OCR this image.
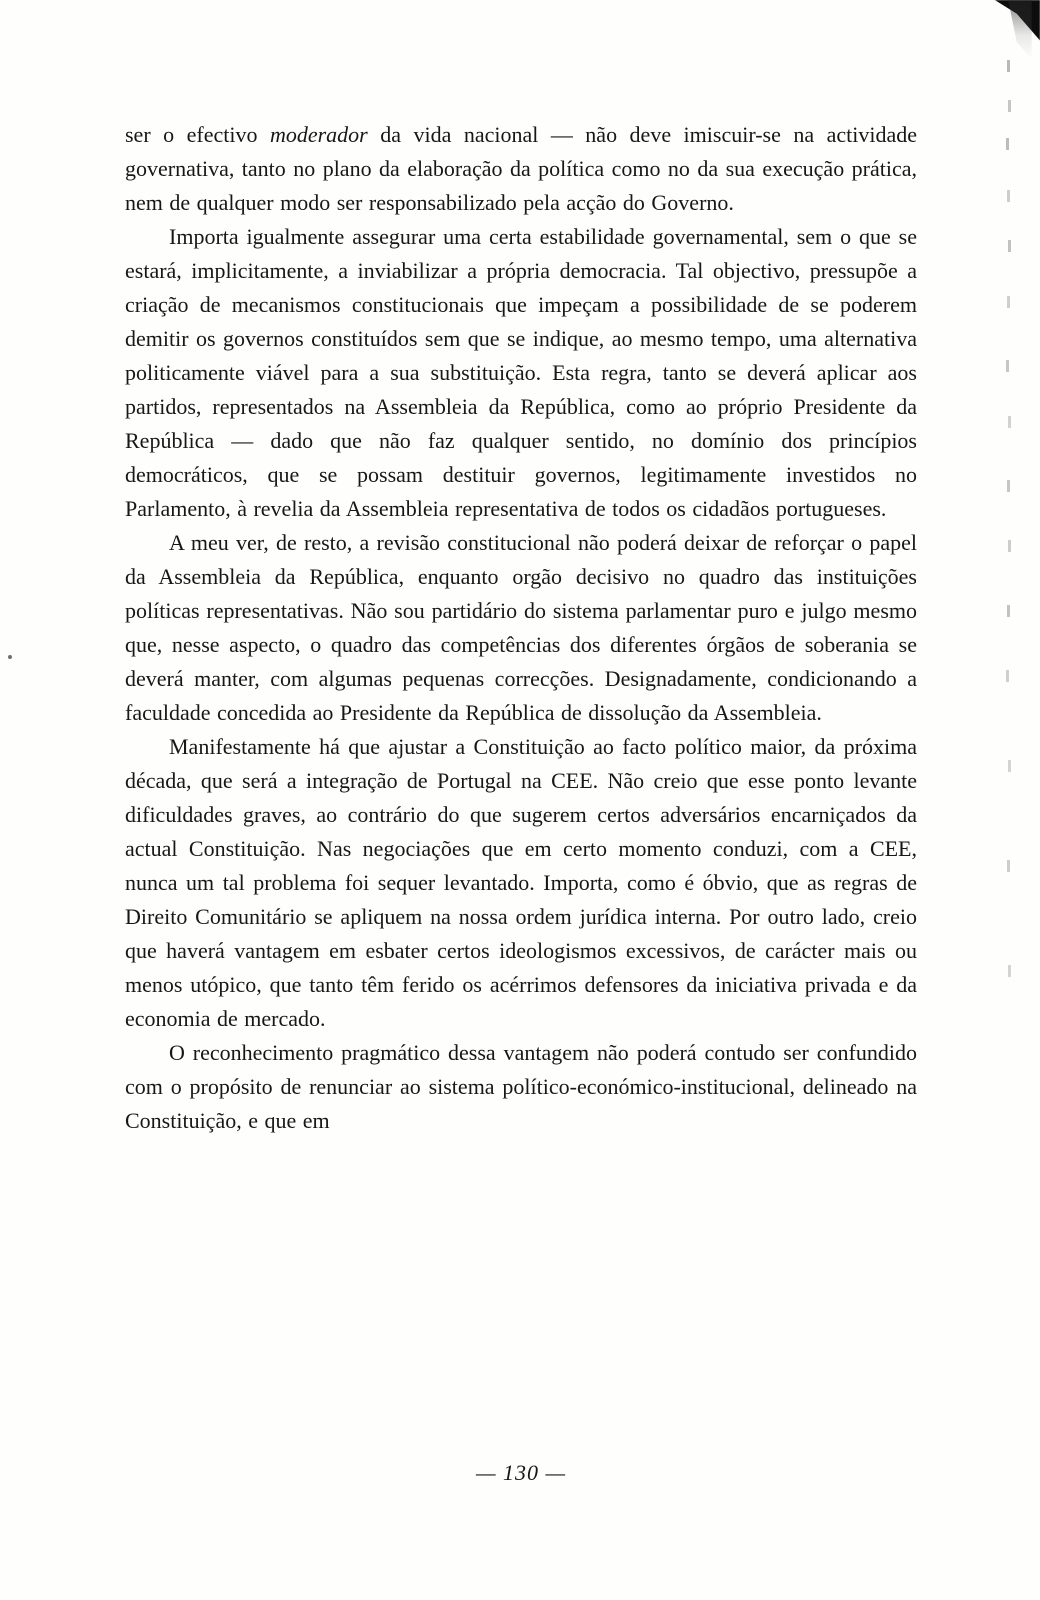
ser o efectivo moderador da vida nacional — não deve imiscuir-se na actividade governativa, tanto no plano da elaboração da política como no da sua execução prática, nem de qualquer modo ser responsabilizado pela acção do Governo.

Importa igualmente assegurar uma certa estabilidade governamental, sem o que se estará, implicitamente, a inviabilizar a própria democracia. Tal objectivo, pressupõe a criação de mecanismos constitucionais que impeçam a possibilidade de se poderem demitir os governos constituídos sem que se indique, ao mesmo tempo, uma alternativa politicamente viável para a sua substituição. Esta regra, tanto se deverá aplicar aos partidos, representados na Assembleia da República, como ao próprio Presidente da República — dado que não faz qualquer sentido, no domínio dos princípios democráticos, que se possam destituir governos, legitimamente investidos no Parlamento, à revelia da Assembleia representativa de todos os cidadãos portugueses.

A meu ver, de resto, a revisão constitucional não poderá deixar de reforçar o papel da Assembleia da República, enquanto orgão decisivo no quadro das instituições políticas representativas. Não sou partidário do sistema parlamentar puro e julgo mesmo que, nesse aspecto, o quadro das competências dos diferentes órgãos de soberania se deverá manter, com algumas pequenas correcções. Designadamente, condicionando a faculdade concedida ao Presidente da República de dissolução da Assembleia.

Manifestamente há que ajustar a Constituição ao facto político maior, da próxima década, que será a integração de Portugal na CEE. Não creio que esse ponto levante dificuldades graves, ao contrário do que sugerem certos adversários encarniçados da actual Constituição. Nas negociações que em certo momento conduzi, com a CEE, nunca um tal problema foi sequer levantado. Importa, como é óbvio, que as regras de Direito Comunitário se apliquem na nossa ordem jurídica interna. Por outro lado, creio que haverá vantagem em esbater certos ideologismos excessivos, de carácter mais ou menos utópico, que tanto têm ferido os acérrimos defensores da iniciativa privada e da economia de mercado.

O reconhecimento pragmático dessa vantagem não poderá contudo ser confundido com o propósito de renunciar ao sistema político-económico-institucional, delineado na Constituição, e que em

— 130 —
